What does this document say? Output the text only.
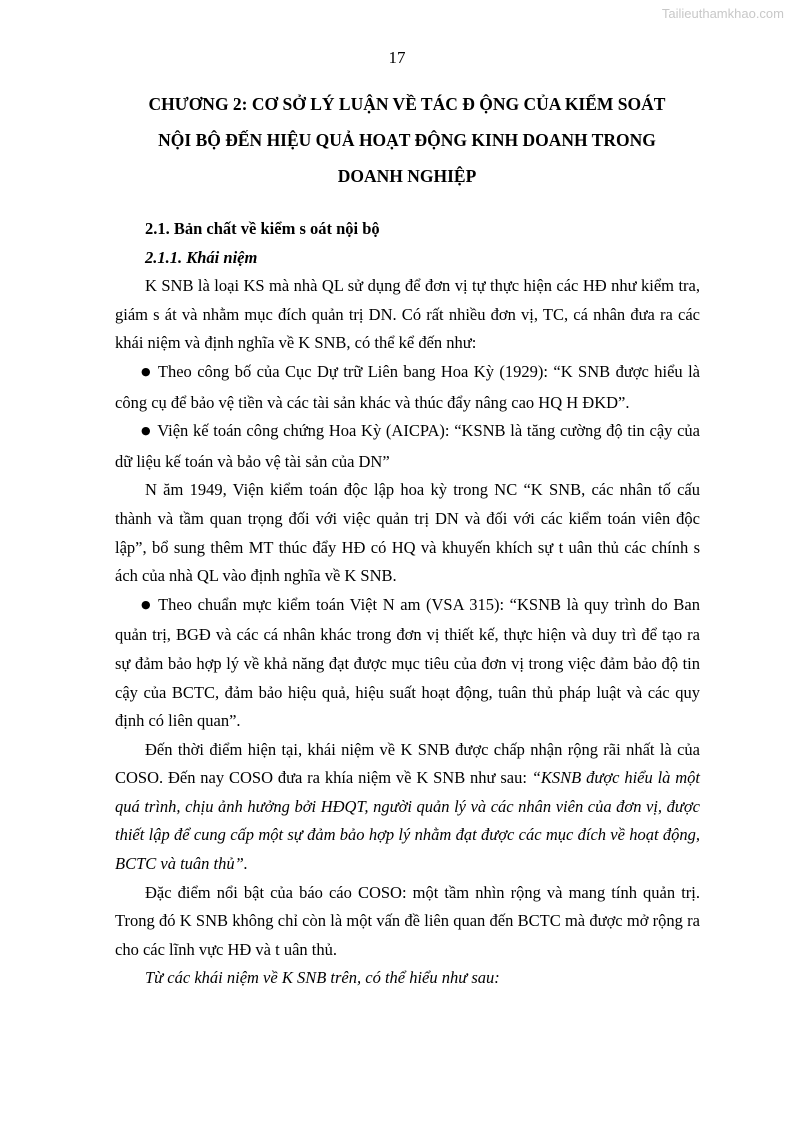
Tailieuthamkhao.com
17
CHƯƠNG 2: CƠ SỞ LÝ LUẬN VỀ TÁC Đ ỘNG CỦA KIỂM SOÁT
NỘI BỘ ĐẾN HIỆU QUẢ HOẠT ĐỘNG KINH DOANH TRONG
DOANH NGHIỆP

2.1. Bản chất về kiểm s oát nội bộ

2.1.1. Khái niệm

K SNB là loại KS mà nhà QL sử dụng để đơn vị tự thực hiện các HĐ như kiểm tra, giám s át và nhằm mục đích quản trị DN. Có rất nhiều đơn vị, TC, cá nhân đưa ra các khái niệm và định nghĩa về K SNB, có thể kể đến như:

● Theo công bố của Cục Dự trữ Liên bang Hoa Kỳ (1929): “K SNB được hiểu là công cụ để bảo vệ tiền và các tài sản khác và thúc đẩy nâng cao HQ H ĐKD”.

● Viện kế toán công chứng Hoa Kỳ (AICPA): “KSNB là tăng cường độ tin cậy của dữ liệu kế toán và bảo vệ tài sản của DN”

N ăm 1949, Viện kiểm toán độc lập hoa kỳ trong NC “K SNB, các nhân tố cấu thành và tầm quan trọng đối với việc quản trị DN và đối với các kiểm toán viên độc lập”, bổ sung thêm MT thúc đẩy HĐ có HQ và khuyến khích sự t uân thủ các chính s ách của nhà QL vào định nghĩa về K SNB.

● Theo chuẩn mực kiểm toán Việt N am (VSA 315): “KSNB là quy trình do Ban quản trị, BGĐ và các cá nhân khác trong đơn vị thiết kế, thực hiện và duy trì để tạo ra sự đảm bảo hợp lý về khả năng đạt được mục tiêu của đơn vị trong việc đảm bảo độ tin cậy của BCTC, đảm bảo hiệu quả, hiệu suất hoạt động, tuân thủ pháp luật và các quy định có liên quan”.

Đến thời điểm hiện tại, khái niệm về K SNB được chấp nhận rộng rãi nhất là của COSO. Đến nay COSO đưa ra khía niệm về K SNB như sau: “KSNB được hiểu là một quá trình, chịu ảnh hưởng bởi HĐQT, người quản lý và các nhân viên của đơn vị, được thiết lập để cung cấp một sự đảm bảo hợp lý nhằm đạt được các mục đích về hoạt động, BCTC và tuân thủ”.

Đặc điểm nổi bật của báo cáo COSO: một tầm nhìn rộng và mang tính quản trị. Trong đó K SNB không chỉ còn là một vấn đề liên quan đến BCTC mà được mở rộng ra cho các lĩnh vực HĐ và t uân thủ.

Từ các khái niệm về K SNB trên, có thể hiểu như sau:
